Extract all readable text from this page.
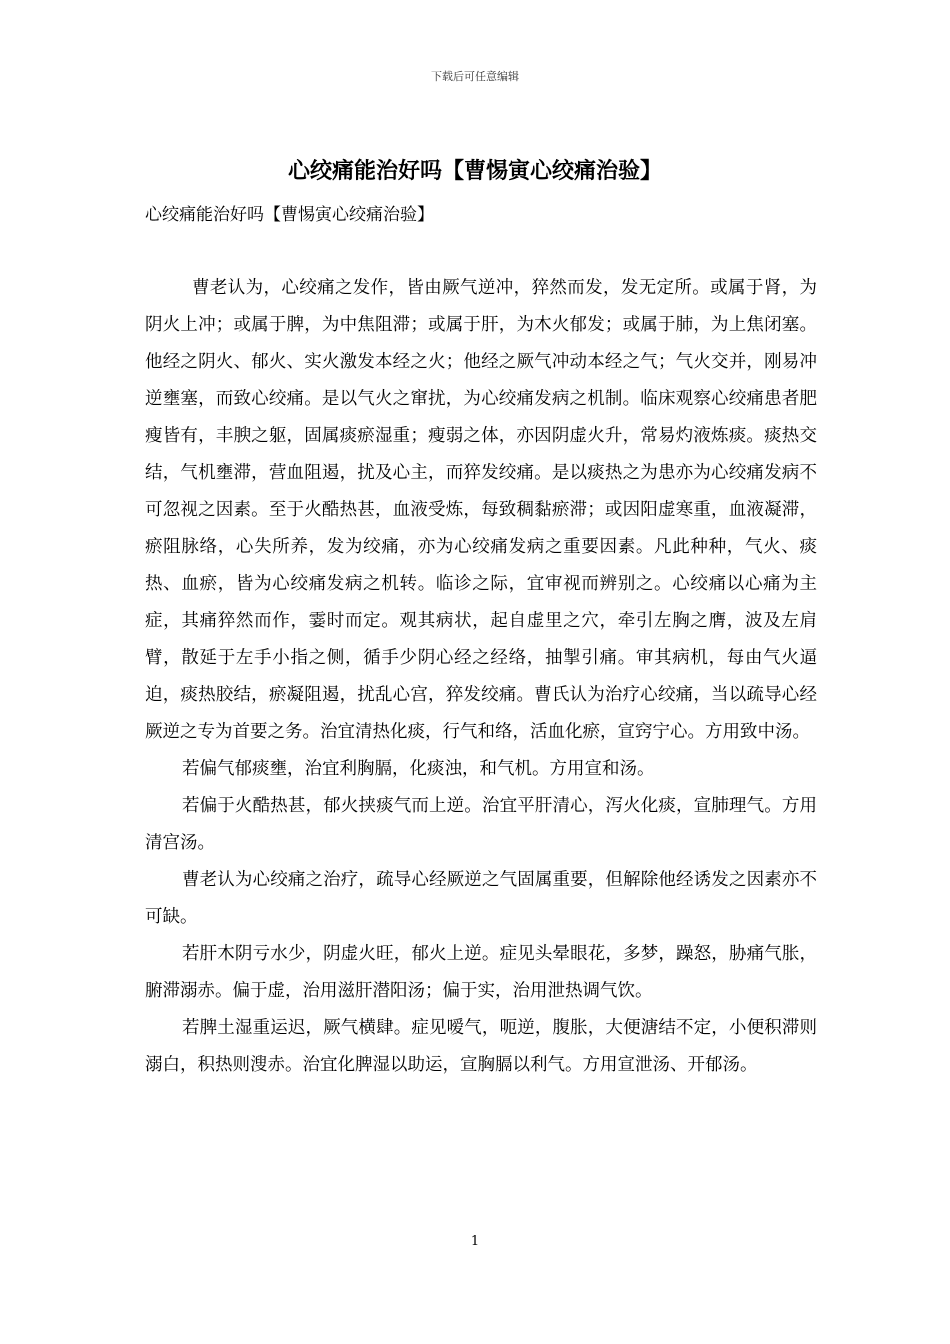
下载后可任意编辑
心绞痛能治好吗【曹惕寅心绞痛治验】
心绞痛能治好吗【曹惕寅心绞痛治验】

曹老认为，心绞痛之发作，皆由厥气逆冲，猝然而发，发无定所。或属于肾，为阴火上冲；或属于脾，为中焦阻滞；或属于肝，为木火郁发；或属于肺，为上焦闭塞。他经之阴火、郁火、实火激发本经之火；他经之厥气冲动本经之气；气火交并，刚易冲逆壅塞，而致心绞痛。是以气火之窜扰，为心绞痛发病之机制。临床观察心绞痛患者肥瘦皆有，丰腴之躯，固属痰瘀湿重；瘦弱之体，亦因阴虚火升，常易灼液炼痰。痰热交结，气机壅滞，营血阻遏，扰及心主，而猝发绞痛。是以痰热之为患亦为心绞痛发病不可忽视之因素。至于火酷热甚，血液受炼，每致稠黏瘀滞；或因阳虚寒重，血液凝滞，瘀阻脉络，心失所养，发为绞痛，亦为心绞痛发病之重要因素。凡此种种，气火、痰热、血瘀，皆为心绞痛发病之机转。临诊之际，宜审视而辨别之。心绞痛以心痛为主症，其痛猝然而作，霎时而定。观其病状，起自虚里之穴，牵引左胸之膺，波及左肩臂，散延于左手小指之侧，循手少阴心经之经络，抽掣引痛。审其病机，每由气火逼迫，痰热胶结，瘀凝阻遏，扰乱心宫，猝发绞痛。曹氏认为治疗心绞痛，当以疏导心经厥逆之专为首要之务。治宜清热化痰，行气和络，活血化瘀，宣窍宁心。方用致中汤。

若偏气郁痰壅，治宜利胸膈，化痰浊，和气机。方用宣和汤。

若偏于火酷热甚，郁火挟痰气而上逆。治宜平肝清心，泻火化痰，宣肺理气。方用清宫汤。

曹老认为心绞痛之治疗，疏导心经厥逆之气固属重要，但解除他经诱发之因素亦不可缺。

若肝木阴亏水少，阴虚火旺，郁火上逆。症见头晕眼花，多梦，躁怒，胁痛气胀，腑滞溺赤。偏于虚，治用滋肝潜阳汤；偏于实，治用泄热调气饮。

若脾土湿重运迟，厥气横肆。症见嗳气，呃逆，腹胀，大便溏结不定，小便积滞则溺白，积热则溲赤。治宜化脾湿以助运，宣胸膈以利气。方用宣泄汤、开郁汤。

1
